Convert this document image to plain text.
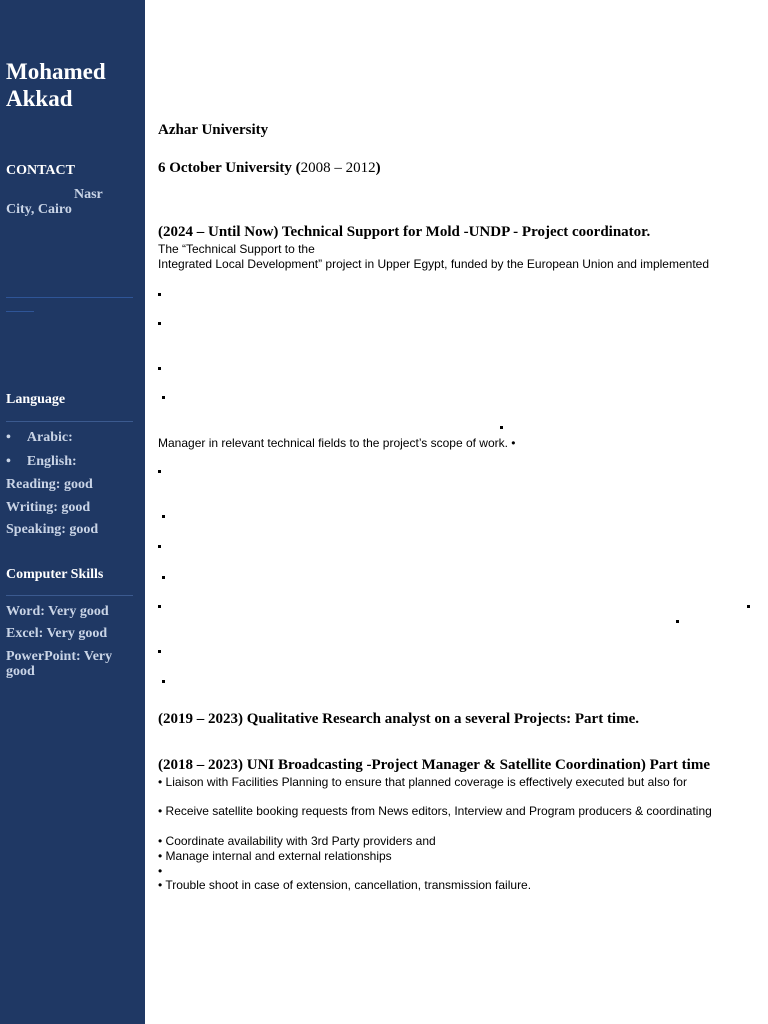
Mohamed
Akkad
CONTACT
Nasr
City, Cairo
Language
• Arabic:
• English:
Reading: good
Writing: good
Speaking: good
Computer Skills
Word: Very good
Excel: Very good
PowerPoint: Very
good
Azhar University
6 October University (2008 – 2012)
(2024 – Until Now) Technical Support for Mold -UNDP - Project coordinator.
The “Technical Support to the
Integrated Local Development” project in Upper Egypt, funded by the European Union and implemented
Manager in relevant technical fields to the project’s scope of work. •
(2019 – 2023) Qualitative Research analyst on a several Projects: Part time.
(2018 – 2023) UNI Broadcasting -Project Manager & Satellite Coordination) Part time
• Liaison with Facilities Planning to ensure that planned coverage is effectively executed but also for
• Receive satellite booking requests from News editors, Interview and Program producers & coordinating
• Coordinate availability with 3rd Party providers and
• Manage internal and external relationships
•
• Trouble shoot in case of extension, cancellation, transmission failure.
